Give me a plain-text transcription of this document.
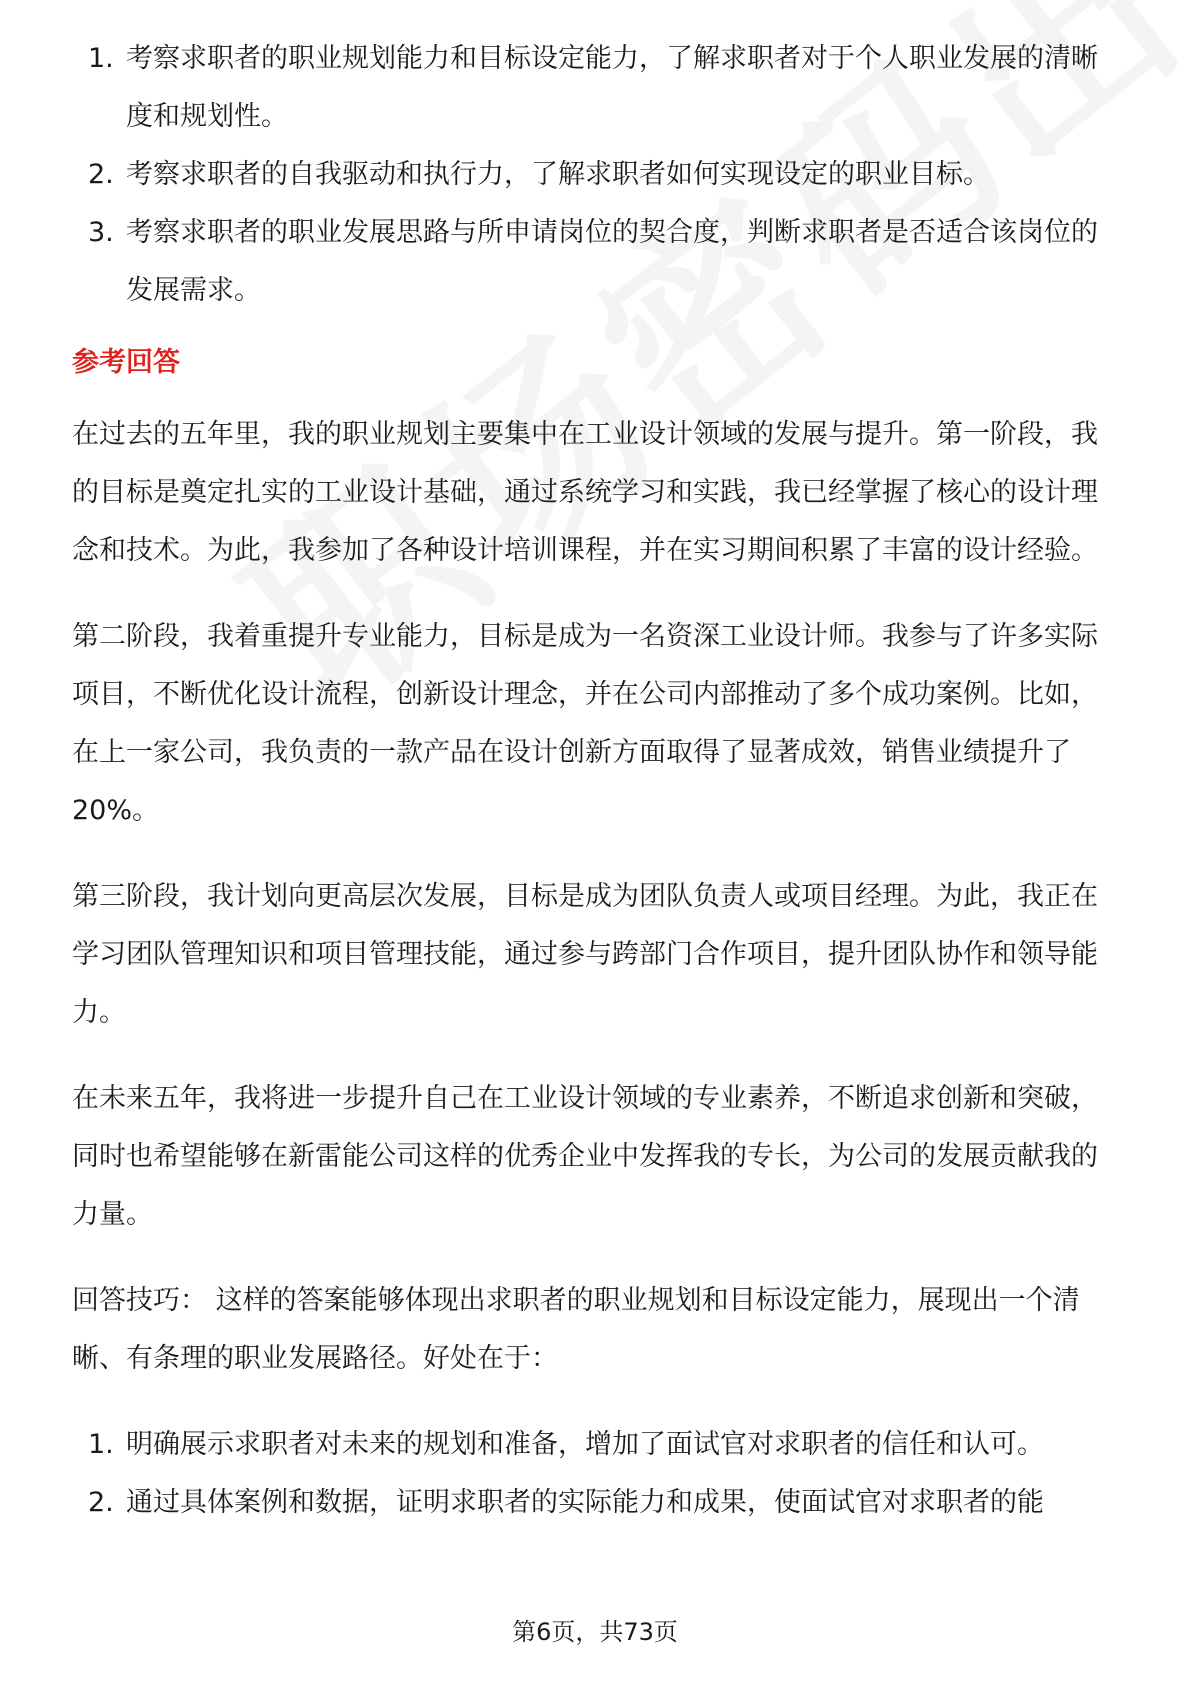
1. 考察求职者的职业规划能力和目标设定能力，了解求职者对于个人职业发展的清晰度和规划性。
2. 考察求职者的自我驱动和执行力，了解求职者如何实现设定的职业目标。
3. 考察求职者的职业发展思路与所申请岗位的契合度，判断求职者是否适合该岗位的发展需求。
参考回答

在过去的五年里，我的职业规划主要集中在工业设计领域的发展与提升。第一阶段，我的目标是奠定扎实的工业设计基础，通过系统学习和实践，我已经掌握了核心的设计理念和技术。为此，我参加了各种设计培训课程，并在实习期间积累了丰富的设计经验。

第二阶段，我着重提升专业能力，目标是成为一名资深工业设计师。我参与了许多实际项目，不断优化设计流程，创新设计理念，并在公司内部推动了多个成功案例。比如，在上一家公司，我负责的一款产品在设计创新方面取得了显著成效，销售业绩提升了20%。

第三阶段，我计划向更高层次发展，目标是成为团队负责人或项目经理。为此，我正在学习团队管理知识和项目管理技能，通过参与跨部门合作项目，提升团队协作和领导能力。

在未来五年，我将进一步提升自己在工业设计领域的专业素养，不断追求创新和突破，同时也希望能够在新雷能公司这样的优秀企业中发挥我的专长，为公司的发展贡献我的力量。

回答技巧： 这样的答案能够体现出求职者的职业规划和目标设定能力，展现出一个清晰、有条理的职业发展路径。好处在于：

1. 明确展示求职者对未来的规划和准备，增加了面试官对求职者的信任和认可。
2. 通过具体案例和数据，证明求职者的实际能力和成果，使面试官对求职者的能
第6页，共73页
